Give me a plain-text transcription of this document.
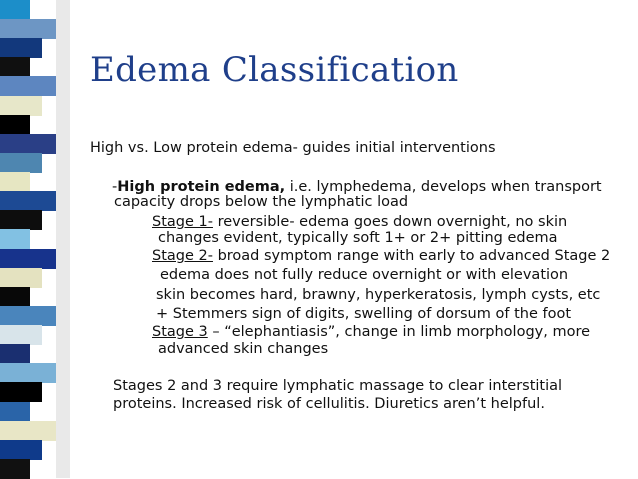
Edema Classification
High vs. Low protein edema- guides initial interventions
-High protein edema, i.e. lymphedema, develops when transport
capacity drops below the lymphatic load
Stage 1- reversible- edema goes down overnight, no skin
changes evident, typically soft 1+ or 2+ pitting edema
Stage 2- broad symptom range with early to advanced Stage 2
edema does not fully reduce overnight or with elevation
skin becomes hard, brawny, hyperkeratosis, lymph cysts, etc
+ Stemmers sign of digits, swelling of dorsum of the foot
Stage 3 – “elephantiasis”, change in limb morphology, more
advanced skin changes
Stages 2 and 3 require lymphatic massage to clear interstitial
proteins. Increased risk of cellulitis. Diuretics aren’t helpful.
